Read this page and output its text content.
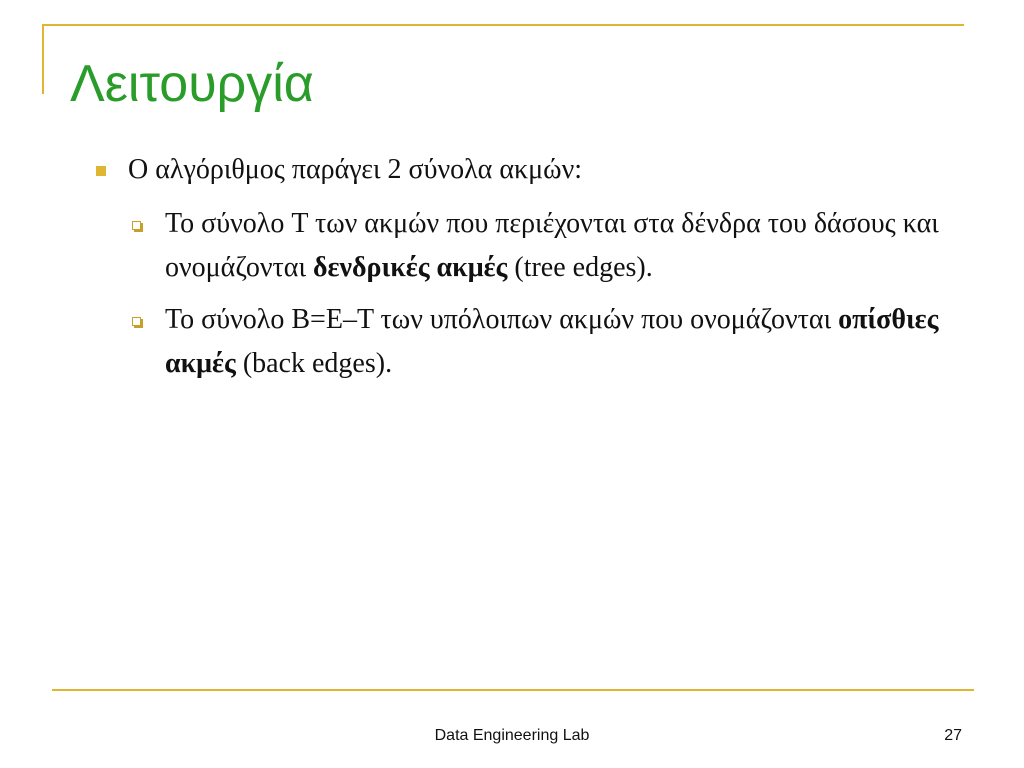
Λειτουργία
Ο αλγόριθμος παράγει 2 σύνολα ακμών:
Το σύνολο T των ακμών που περιέχονται στα δένδρα του δάσους και ονομάζονται δενδρικές ακμές (tree edges).
Το σύνολο B=E–T των υπόλοιπων ακμών που ονομάζονται οπίσθιες ακμές (back edges).
Data Engineering Lab	27
